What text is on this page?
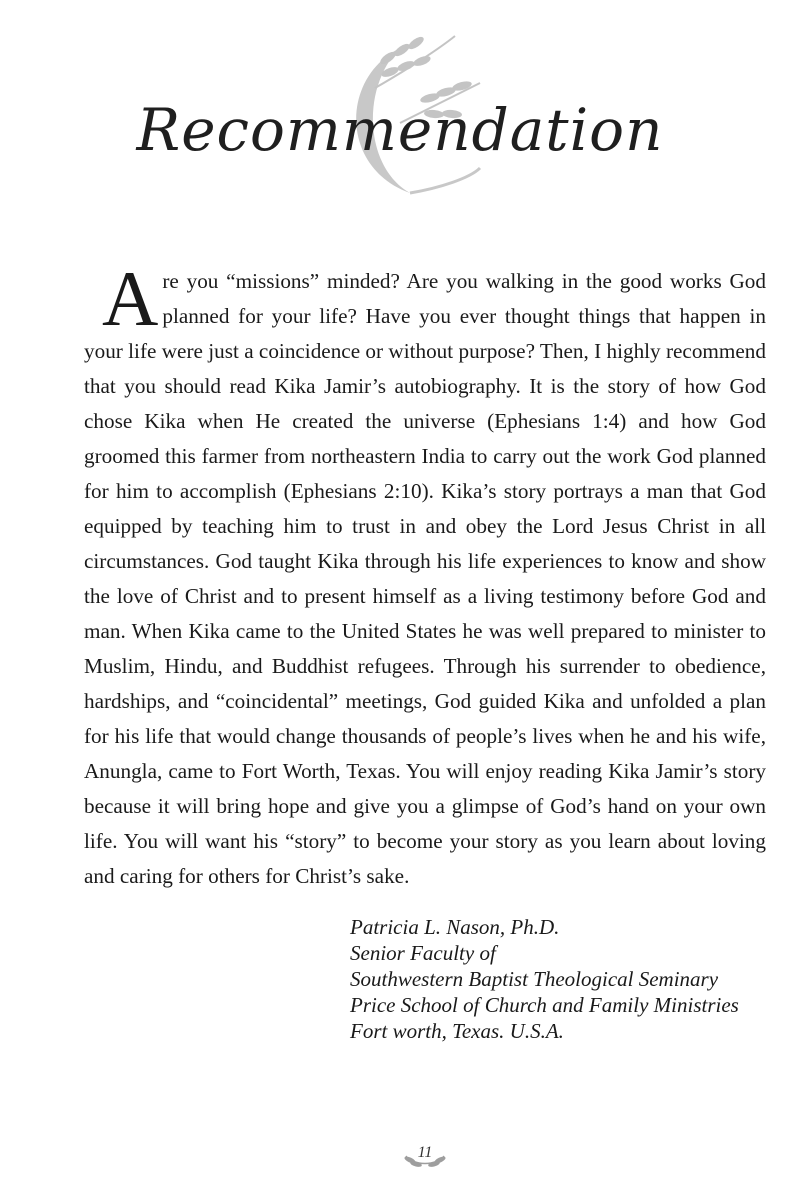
Recommendation
Are you “missions” minded? Are you walking in the good works God planned for your life? Have you ever thought things that happen in your life were just a coincidence or without purpose? Then, I highly recommend that you should read Kika Jamir’s autobiography. It is the story of how God chose Kika when He created the universe (Ephesians 1:4) and how God groomed this farmer from northeastern India to carry out the work God planned for him to accomplish (Ephesians 2:10). Kika’s story portrays a man that God equipped by teaching him to trust in and obey the Lord Jesus Christ in all circumstances. God taught Kika through his life experiences to know and show the love of Christ and to present himself as a living testimony before God and man. When Kika came to the United States he was well prepared to minister to Muslim, Hindu, and Buddhist refugees. Through his surrender to obedience, hardships, and “coincidental” meetings, God guided Kika and unfolded a plan for his life that would change thousands of people’s lives when he and his wife, Anungla, came to Fort Worth, Texas. You will enjoy reading Kika Jamir’s story because it will bring hope and give you a glimpse of God’s hand on your own life. You will want his “story” to become your story as you learn about loving and caring for others for Christ’s sake.
Patricia L. Nason, Ph.D.
Senior Faculty of
Southwestern Baptist Theological Seminary
Price School of Church and Family Ministries
Fort worth, Texas. U.S.A.
11
